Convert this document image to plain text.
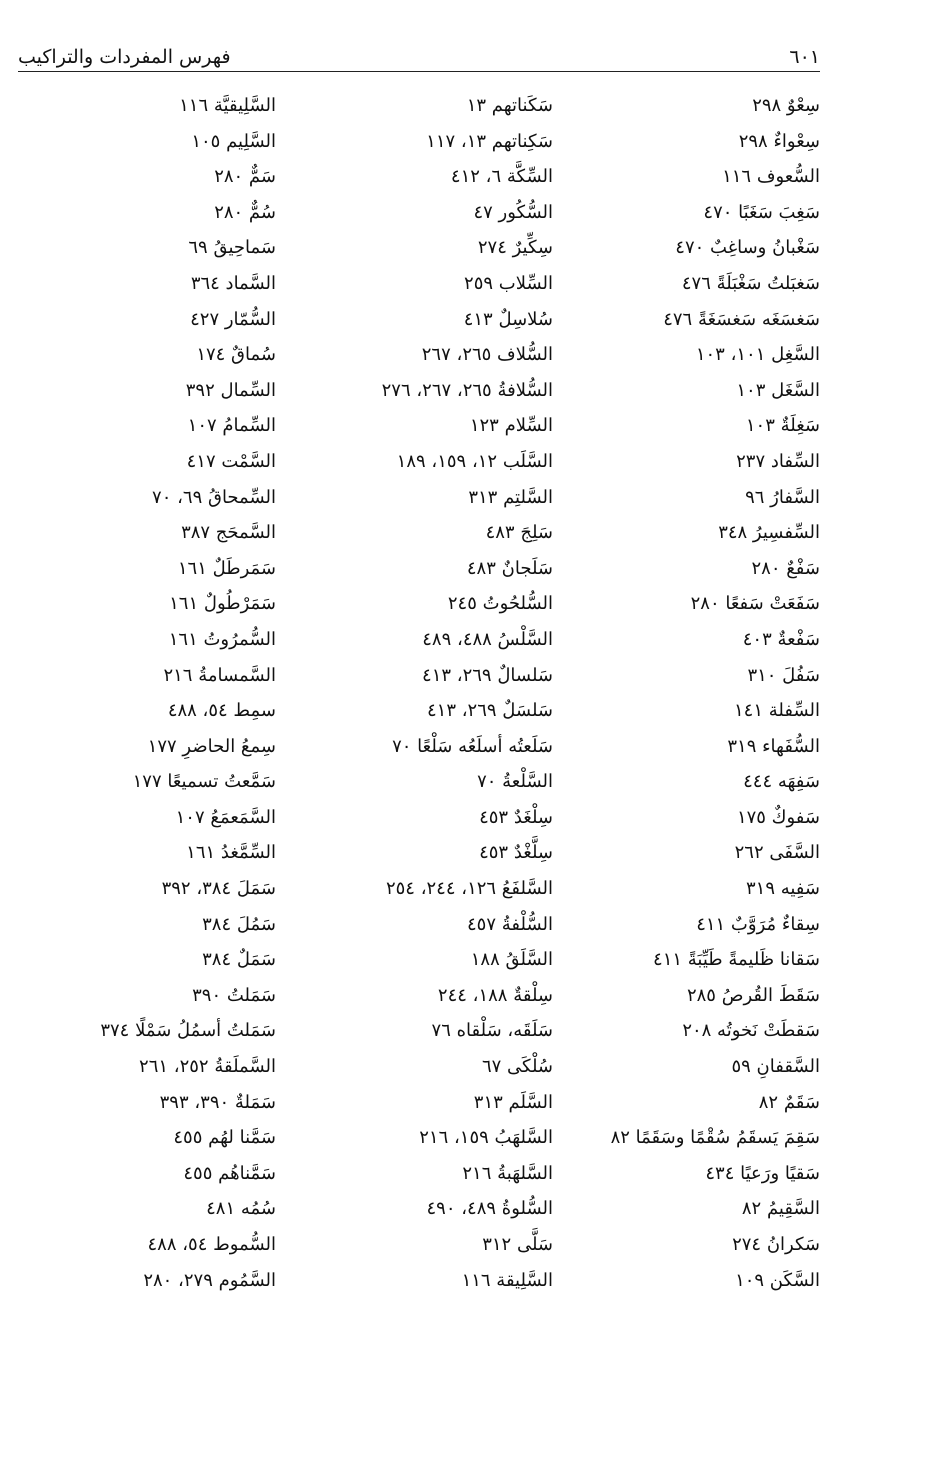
٦٠١
فهرس المفردات والتراكيب
سِعْوٌ ٢٩٨
سِعْواءٌ ٢٩٨
السُّعوف ١١٦
سَغِبَ سَغَبًا ٤٧٠
سَغْبانُ وساغِبٌ ٤٧٠
سَغبَلتُ سَغْبَلَةً ٤٧٦
سَغسَغَه سَغسَغَةً ٤٧٦
السَّغِل ١٠١، ١٠٣
السَّغَل ١٠٣
سَغِلَةٌ ١٠٣
السِّفاد ٢٣٧
السَّفارُ ٩٦
السِّفسِيرُ ٣٤٨
سَفْعٌ ٢٨٠
سَفَعَتْ سَفعًا ٢٨٠
سَفْعةٌ ٤٠٣
سَفُلَ ٣١٠
السِّفلة ١٤١
السُّفَهاء ٣١٩
سَفِهَه ٤٤٤
سَفوكٌ ١٧٥
السَّفَى ٢٦٢
سَفِيه ٣١٩
سِقاءٌ مُرَوَّبٌ ٤١١
سَقانا ظَليمةً طَيِّبَةً ٤١١
سَقَطَ القُرصُ ٢٨٥
سَقطَتْ نَخوتُه ٢٠٨
السَّقفانِ ٥٩
سَقَمٌ ٨٢
سَقِمَ يَسقَمُ سُقْمًا وسَقَمًا ٨٢
سَقيًا ورَعيًا ٤٣٤
السَّقِيمُ ٨٢
سَكرانُ ٢٧٤
السَّكَن ١٠٩
سَكَناتهم ١٣
سَكِناتهم ١٣، ١١٧
السِّكَّة ٦، ٤١٢
السُّكُور ٤٧
سِكِّيرٌ ٢٧٤
السِّلاب ٢٥٩
سُلاسِلٌ ٤١٣
السُّلاف ٢٦٥، ٢٦٧
السُّلافةُ ٢٦٥، ٢٦٧، ٢٧٦
السِّلام ١٢٣
السَّلَب ١٢، ١٥٩، ١٨٩
السَّلتِم ٣١٣
سَلِجَ ٤٨٣
سَلَجانٌ ٤٨٣
السُّلحُوتُ ٢٤٥
السَّلْسُ ٤٨٨، ٤٨٩
سَلسالٌ ٢٦٩، ٤١٣
سَلسَلٌ ٢٦٩، ٤١٣
سَلَعتُه أسلَعُه سَلْعًا ٧٠
السَّلْعةُ ٧٠
سِلْغَدٌ ٤٥٣
سِلَّغْدٌ ٤٥٣
السَّلفَعُ ١٢٦، ٢٤٤، ٢٥٤
السُّلْفةُ ٤٥٧
السَّلَقُ ١٨٨
سِلْقةٌ ١٨٨، ٢٤٤
سَلَقَه، سَلْقاه ٧٦
سُلْكَى ٦٧
السَّلَم ٣١٣
السَّلهَبُ ١٥٩، ٢١٦
السَّلهَبةُ ٢١٦
السُّلوةُ ٤٨٩، ٤٩٠
سَلَّى ٣١٢
السَّلِيقة ١١٦
السَّلِيقيَّة ١١٦
السَّلِيم ١٠٥
سَمٌّ ٢٨٠
سُمٌّ ٢٨٠
سَماحِيقُ ٦٩
السَّماد ٣٦٤
السُّمّار ٤٢٧
سُماقٌ ١٧٤
السِّمال ٣٩٢
السِّمامُ ١٠٧
السَّمْت ٤١٧
السِّمحاقُ ٦٩، ٧٠
السَّمحَج ٣٨٧
سَمَرطَلٌ ١٦١
سَمَرْطُولٌ ١٦١
السُّمرُوتُ ١٦١
السَّمسامةُ ٢١٦
سمِط ٥٤، ٤٨٨
سِمعُ الحاضرِ ١٧٧
سَمَّعتُ تسميعًا ١٧٧
السَّمَعمَعُ ١٠٧
السِّمَّغدُ ١٦١
سَمَلَ ٣٨٤، ٣٩٢
سَمُلَ ٣٨٤
سَمَلٌ ٣٨٤
سَمَلتُ ٣٩٠
سَمَلتُ أسمُلُ سَمْلًا ٣٧٤
السَّملَقةُ ٢٥٢، ٢٦١
سَمَلةٌ ٣٩٠، ٣٩٣
سَمَّنا لهُم ٤٥٥
سَمَّناهُم ٤٥٥
سُمُه ٤٨١
السُّموط ٥٤، ٤٨٨
السَّمُوم ٢٧٩، ٢٨٠
